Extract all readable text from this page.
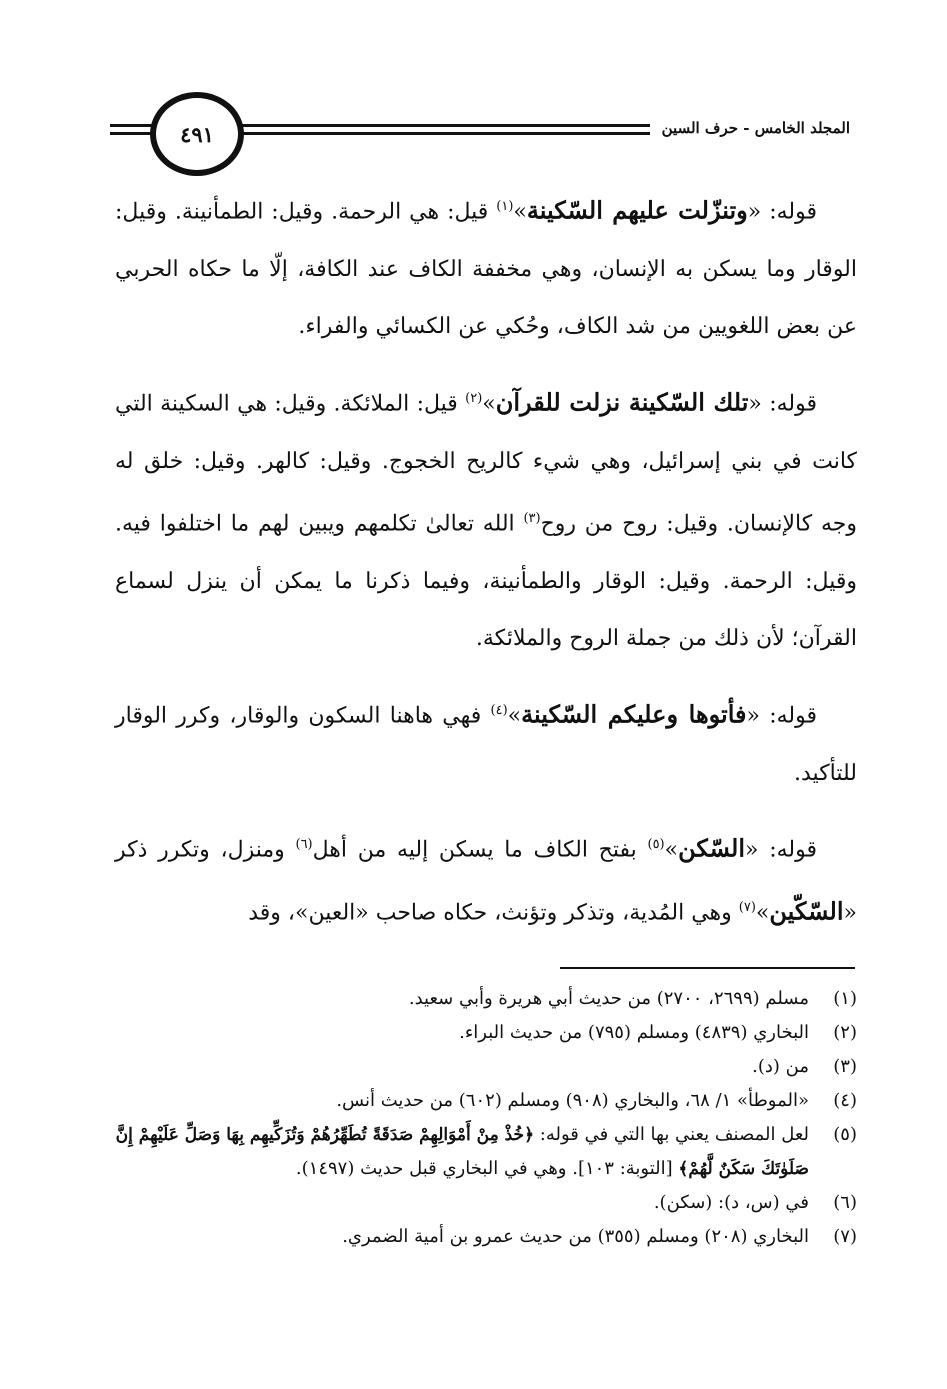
المجلد الخامس - حرف السين
٤٩١

قوله: «وتنزّلت عليهم السّكينة»$^{(١)}$ قيل: هي الرحمة. وقيل: الطمأنينة. وقيل: الوقار وما يسكن به الإنسان، وهي مخففة الكاف عند الكافة، إلّا ما حكاه الحربي عن بعض اللغويين من شد الكاف، وحُكي عن الكسائي والفراء.

قوله: «تلك السّكينة نزلت للقرآن»$^{(٢)}$ قيل: الملائكة. وقيل: هي السكينة التي كانت في بني إسرائيل، وهي شيء كالريح الخجوج. وقيل: كالهر. وقيل: خلق له وجه كالإنسان. وقيل: روح من روح$^{(٣)}$ الله تعالىٰ تكلمهم ويبين لهم ما اختلفوا فيه. وقيل: الرحمة. وقيل: الوقار والطمأنينة، وفيما ذكرنا ما يمكن أن ينزل لسماع القرآن؛ لأن ذلك من جملة الروح والملائكة.

قوله: «فأتوها وعليكم السّكينة»$^{(٤)}$ فهي هاهنا السكون والوقار، وكرر الوقار للتأكيد.

قوله: «السّكن»$^{(٥)}$ بفتح الكاف ما يسكن إليه من أهل$^{(٦)}$ ومنزل، وتكرر ذكر «السّكّين»$^{(٧)}$ وهي المُدية، وتذكر وتؤنث، حكاه صاحب «العين»، وقد

(١)
مسلم (٢٦٩٩، ٢٧٠٠) من حديث أبي هريرة وأبي سعيد.
(٢)
البخاري (٤٨٣٩) ومسلم (٧٩٥) من حديث البراء.
(٣)
من (د).
(٤)
«الموطأ» ١/ ٦٨، والبخاري (٩٠٨) ومسلم (٦٠٢) من حديث أنس.
(٥)
لعل المصنف يعني بها التي في قوله: ﴿خُذْ مِنْ أَمْوَالِهِمْ صَدَقَةً تُطَهِّرُهُمْ وَتُزَكِّيهِم بِهَا وَصَلِّ عَلَيْهِمْ إِنَّ صَلَوٰتَكَ سَكَنٌ لَّهُمْ﴾ [التوبة: ١٠٣]. وهي في البخاري قبل حديث (١٤٩٧).
(٦)
في (س، د): (سكن).
(٧)
البخاري (٢٠٨) ومسلم (٣٥٥) من حديث عمرو بن أمية الضمري.
